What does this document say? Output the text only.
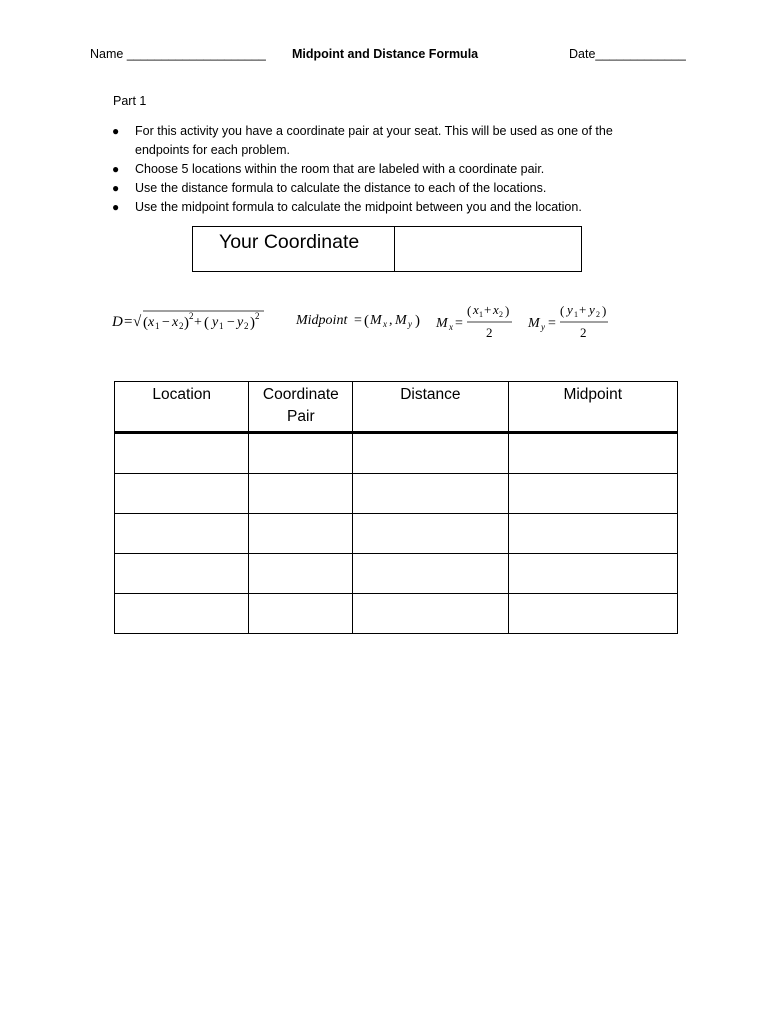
Name ____________________ Midpoint and Distance Formula	Date_____________
Part 1
● For this activity you have a coordinate pair at your seat. This will be used as one of the endpoints for each problem.
● Choose 5 locations within the room that are labeled with a coordinate pair.
● Use the distance formula to calculate the distance to each of the locations.
● Use the midpoint formula to calculate the midpoint between you and the location.
Your Coordinate
D = √ ( x 1 − x 2 ) 2 + ( y 1 − y 2 ) 2	Midpoint = ( M x , M y ) M x =
( x 1 + x 2 )
2
M y =
( y 1 + y 2 )
2
Location	Coordinate Pair	Distance	Midpoint
